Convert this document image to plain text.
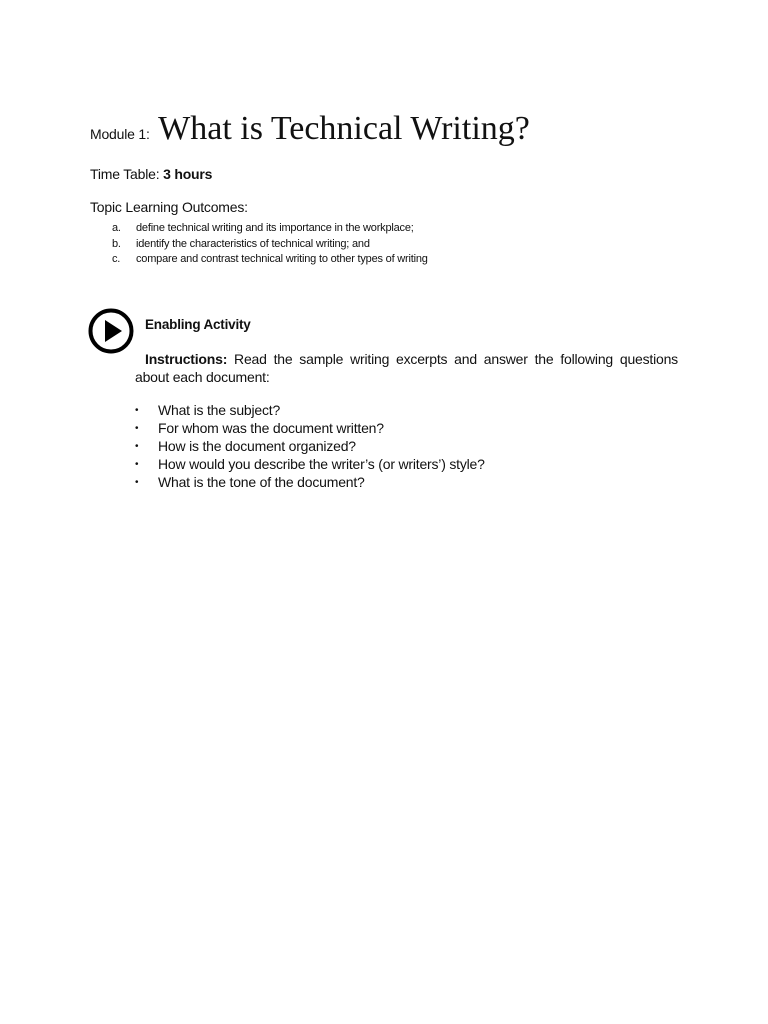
Module 1: What is Technical Writing?
Time Table: 3 hours
Topic Learning Outcomes:
a. define technical writing and its importance in the workplace;
b. identify the characteristics of technical writing; and
c. compare and contrast technical writing to other types of writing
Enabling Activity
Instructions: Read the sample writing excerpts and answer the following questions about each document:
• What is the subject?
• For whom was the document written?
• How is the document organized?
• How would you describe the writer’s (or writers’) style?
• What is the tone of the document?
